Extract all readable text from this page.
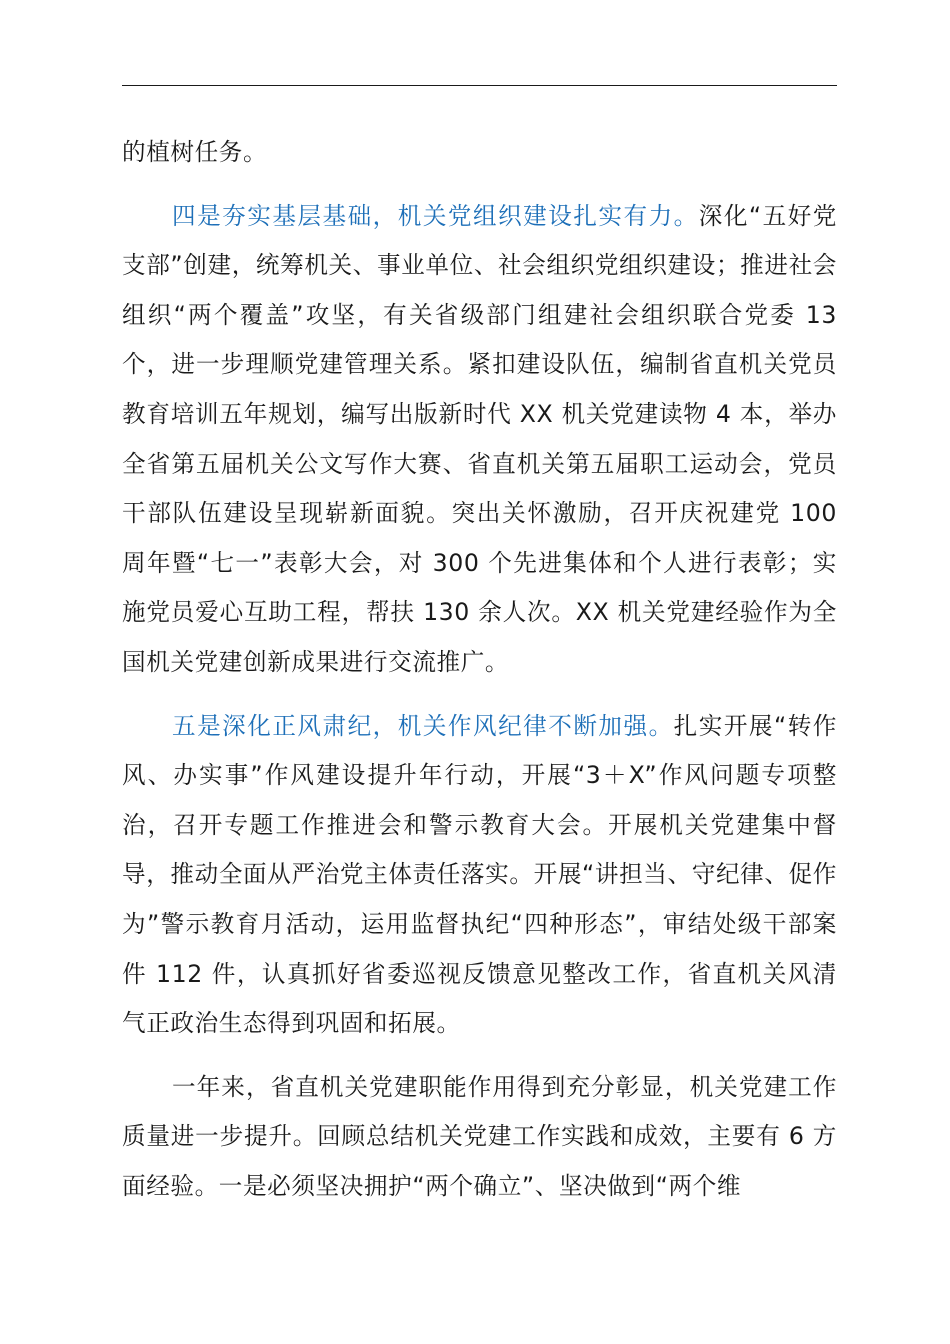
的植树任务。

四是夯实基层基础，机关党组织建设扎实有力。深化“五好党支部”创建，统筹机关、事业单位、社会组织党组织建设；推进社会组织“两个覆盖”攻坚，有关省级部门组建社会组织联合党委 13 个，进一步理顺党建管理关系。紧扣建设队伍，编制省直机关党员教育培训五年规划，编写出版新时代 XX 机关党建读物 4 本，举办全省第五届机关公文写作大赛、省直机关第五届职工运动会，党员干部队伍建设呈现崭新面貌。突出关怀激励，召开庆祝建党 100 周年暨“七一”表彰大会，对 300 个先进集体和个人进行表彰；实施党员爱心互助工程，帮扶 130 余人次。XX 机关党建经验作为全国机关党建创新成果进行交流推广。

五是深化正风肃纪，机关作风纪律不断加强。扎实开展“转作风、办实事”作风建设提升年行动，开展“3＋X”作风问题专项整治，召开专题工作推进会和警示教育大会。开展机关党建集中督导，推动全面从严治党主体责任落实。开展“讲担当、守纪律、促作为”警示教育月活动，运用监督执纪“四种形态”，审结处级干部案件 112 件，认真抓好省委巡视反馈意见整改工作，省直机关风清气正政治生态得到巩固和拓展。

一年来，省直机关党建职能作用得到充分彰显，机关党建工作质量进一步提升。回顾总结机关党建工作实践和成效，主要有 6 方面经验。一是必须坚决拥护“两个确立”、坚决做到“两个维
